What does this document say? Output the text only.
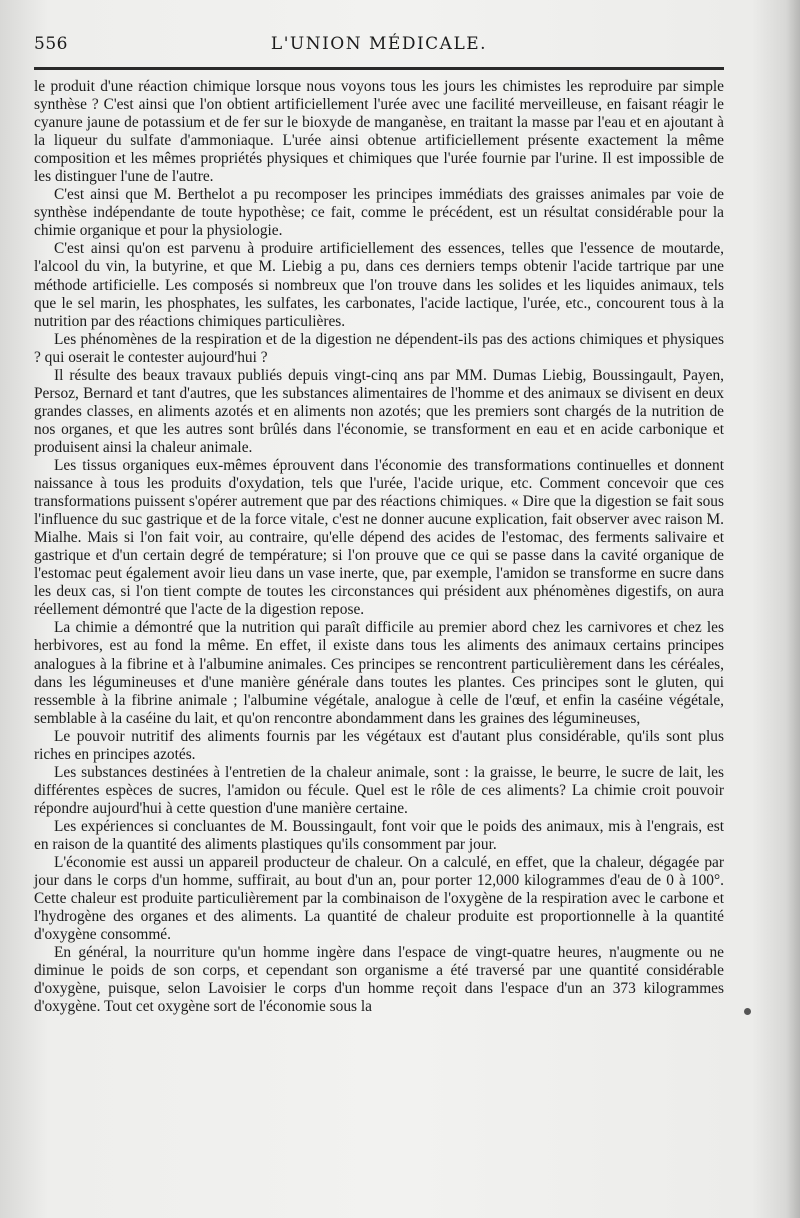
556	L'UNION MÉDICALE.

le produit d'une réaction chimique lorsque nous voyons tous les jours les chimistes les reproduire par simple synthèse ? C'est ainsi que l'on obtient artificiellement l'urée avec une facilité merveilleuse, en faisant réagir le cyanure jaune de potassium et de fer sur le bioxyde de manganèse, en traitant la masse par l'eau et en ajoutant à la liqueur du sulfate d'ammoniaque. L'urée ainsi obtenue artificiellement présente exactement la même composition et les mêmes propriétés physiques et chimiques que l'urée fournie par l'urine. Il est impossible de les distinguer l'une de l'autre.

C'est ainsi que M. Berthelot a pu recomposer les principes immédiats des graisses animales par voie de synthèse indépendante de toute hypothèse; ce fait, comme le précédent, est un résultat considérable pour la chimie organique et pour la physiologie.

C'est ainsi qu'on est parvenu à produire artificiellement des essences, telles que l'essence de moutarde, l'alcool du vin, la butyrine, et que M. Liebig a pu, dans ces derniers temps obtenir l'acide tartrique par une méthode artificielle. Les composés si nombreux que l'on trouve dans les solides et les liquides animaux, tels que le sel marin, les phosphates, les sulfates, les carbonates, l'acide lactique, l'urée, etc., concourent tous à la nutrition par des réactions chimiques particulières.

Les phénomènes de la respiration et de la digestion ne dépendent-ils pas des actions chimiques et physiques ? qui oserait le contester aujourd'hui ?

Il résulte des beaux travaux publiés depuis vingt-cinq ans par MM. Dumas Liebig, Boussingault, Payen, Persoz, Bernard et tant d'autres, que les substances alimentaires de l'homme et des animaux se divisent en deux grandes classes, en aliments azotés et en aliments non azotés; que les premiers sont chargés de la nutrition de nos organes, et que les autres sont brûlés dans l'économie, se transforment en eau et en acide carbonique et produisent ainsi la chaleur animale.

Les tissus organiques eux-mêmes éprouvent dans l'économie des transformations continuelles et donnent naissance à tous les produits d'oxydation, tels que l'urée, l'acide urique, etc. Comment concevoir que ces transformations puissent s'opérer autrement que par des réactions chimiques. « Dire que la digestion se fait sous l'influence du suc gastrique et de la force vitale, c'est ne donner aucune explication, fait observer avec raison M. Mialhe. Mais si l'on fait voir, au contraire, qu'elle dépend des acides de l'estomac, des ferments salivaire et gastrique et d'un certain degré de température; si l'on prouve que ce qui se passe dans la cavité organique de l'estomac peut également avoir lieu dans un vase inerte, que, par exemple, l'amidon se transforme en sucre dans les deux cas, si l'on tient compte de toutes les circonstances qui président aux phénomènes digestifs, on aura réellement démontré que l'acte de la digestion repose.

La chimie a démontré que la nutrition qui paraît difficile au premier abord chez les carnivores et chez les herbivores, est au fond la même. En effet, il existe dans tous les aliments des animaux certains principes analogues à la fibrine et à l'albumine animales. Ces principes se rencontrent particulièrement dans les céréales, dans les légumineuses et d'une manière générale dans toutes les plantes. Ces principes sont le gluten, qui ressemble à la fibrine animale ; l'albumine végétale, analogue à celle de l'œuf, et enfin la caséine végétale, semblable à la caséine du lait, et qu'on rencontre abondamment dans les graines des légumineuses,

Le pouvoir nutritif des aliments fournis par les végétaux est d'autant plus considérable, qu'ils sont plus riches en principes azotés.

Les substances destinées à l'entretien de la chaleur animale, sont : la graisse, le beurre, le sucre de lait, les différentes espèces de sucres, l'amidon ou fécule. Quel est le rôle de ces aliments? La chimie croit pouvoir répondre aujourd'hui à cette question d'une manière certaine.

Les expériences si concluantes de M. Boussingault, font voir que le poids des animaux, mis à l'engrais, est en raison de la quantité des aliments plastiques qu'ils consomment par jour.

L'économie est aussi un appareil producteur de chaleur. On a calculé, en effet, que la chaleur, dégagée par jour dans le corps d'un homme, suffirait, au bout d'un an, pour porter 12,000 kilogrammes d'eau de 0 à 100°. Cette chaleur est produite particulièrement par la combinaison de l'oxygène de la respiration avec le carbone et l'hydrogène des organes et des aliments. La quantité de chaleur produite est proportionnelle à la quantité d'oxygène consommé.

En général, la nourriture qu'un homme ingère dans l'espace de vingt-quatre heures, n'augmente ou ne diminue le poids de son corps, et cependant son organisme a été traversé par une quantité considérable d'oxygène, puisque, selon Lavoisier le corps d'un homme reçoit dans l'espace d'un an 373 kilogrammes d'oxygène. Tout cet oxygène sort de l'économie sous la
